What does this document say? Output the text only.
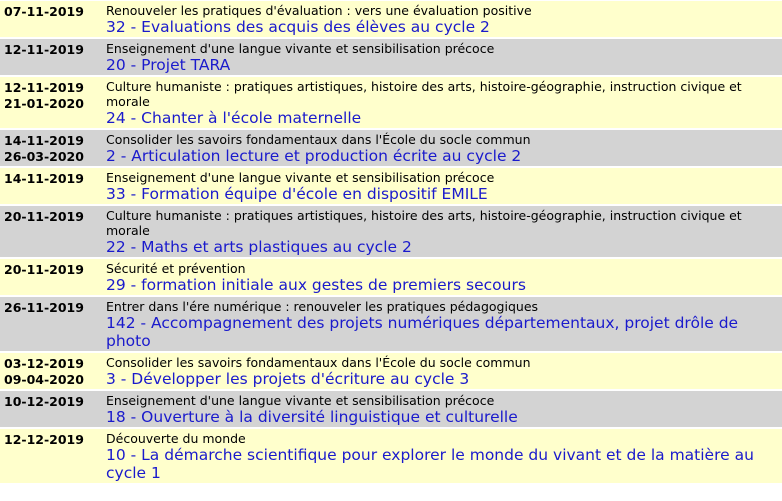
07-11-2019	Renouveler les pratiques d'évaluation : vers une évaluation positive
32 - Evaluations des acquis des élèves au cycle 2

12-11-2019	Enseignement d'une langue vivante et sensibilisation précoce
20 - Projet TARA

12-11-2019
21-01-2020	Culture humaniste : pratiques artistiques, histoire des arts, histoire-géographie, instruction civique et morale
24 - Chanter à l'école maternelle

14-11-2019
26-03-2020	Consolider les savoirs fondamentaux dans l'École du socle commun
2 - Articulation lecture et production écrite au cycle 2

14-11-2019	Enseignement d'une langue vivante et sensibilisation précoce
33 - Formation équipe d'école en dispositif EMILE

20-11-2019	Culture humaniste : pratiques artistiques, histoire des arts, histoire-géographie, instruction civique et morale
22 - Maths et arts plastiques au cycle 2

20-11-2019	Sécurité et prévention
29 - formation initiale aux gestes de premiers secours

26-11-2019	Entrer dans l'ére numérique : renouveler les pratiques pédagogiques
142 - Accompagnement des projets numériques départementaux, projet drôle de photo

03-12-2019
09-04-2020	Consolider les savoirs fondamentaux dans l'École du socle commun
3 - Développer les projets d'écriture au cycle 3

10-12-2019	Enseignement d'une langue vivante et sensibilisation précoce
18 - Ouverture à la diversité linguistique et culturelle

12-12-2019	Découverte du monde
10 - La démarche scientifique pour explorer le monde du vivant et de la matière au cycle 1
